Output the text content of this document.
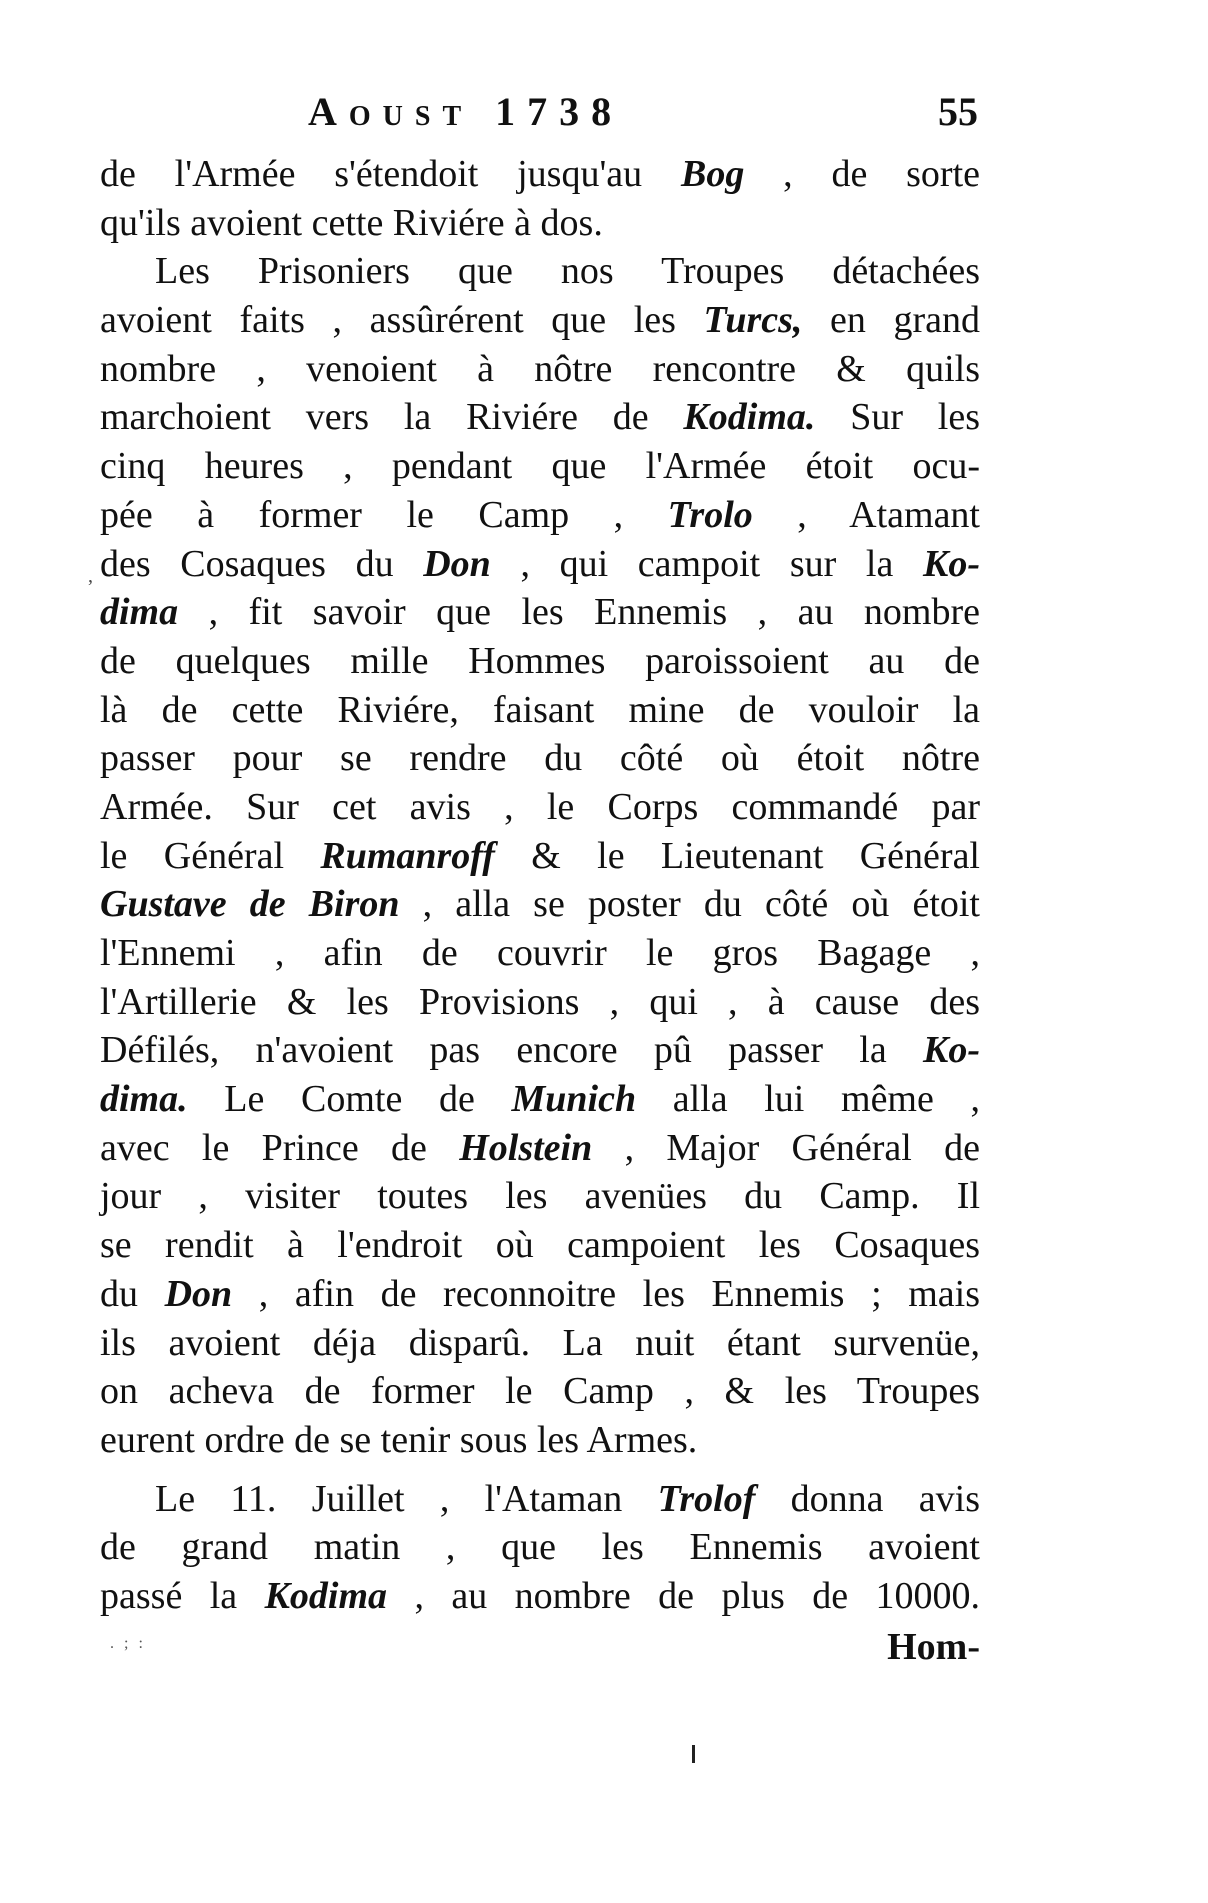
Aoust 1738	55
de l'Armée s'étendoit jusqu'au Bog , de sorte
qu'ils avoient cette Riviére à dos.
Les Prisoniers que nos Troupes détachées
avoient faits , assûrérent que les Turcs, en grand
nombre , venoient à nôtre rencontre & quils
marchoient vers la Riviére de Kodima. Sur les
cinq heures , pendant que l'Armée étoit ocu-
pée à former le Camp , Trolo , Atamant
des Cosaques du Don , qui campoit sur la Ko-
dima , fit savoir que les Ennemis , au nombre
de quelques mille Hommes paroissoient au de
là de cette Riviére, faisant mine de vouloir la
passer pour se rendre du côté où étoit nôtre
Armée. Sur cet avis , le Corps commandé par
le Général Rumanroff & le Lieutenant Général
Gustave de Biron , alla se poster du côté où étoit
l'Ennemi , afin de couvrir le gros Bagage ,
l'Artillerie & les Provisions , qui , à cause des
Défilés, n'avoient pas encore pû passer la Ko-
dima. Le Comte de Munich alla lui même ,
avec le Prince de Holstein , Major Général de
jour , visiter toutes les avenües du Camp. Il
se rendit à l'endroit où campoient les Cosaques
du Don , afin de reconnoitre les Ennemis ; mais
ils avoient déja disparû. La nuit étant survenüe,
on acheva de former le Camp , & les Troupes
eurent ordre de se tenir sous les Armes.
Le 11. Juillet , l'Ataman Trolof donna avis
de grand matin , que les Ennemis avoient
passé la Kodima , au nombre de plus de 10000.
Hom-
,
. ; :
